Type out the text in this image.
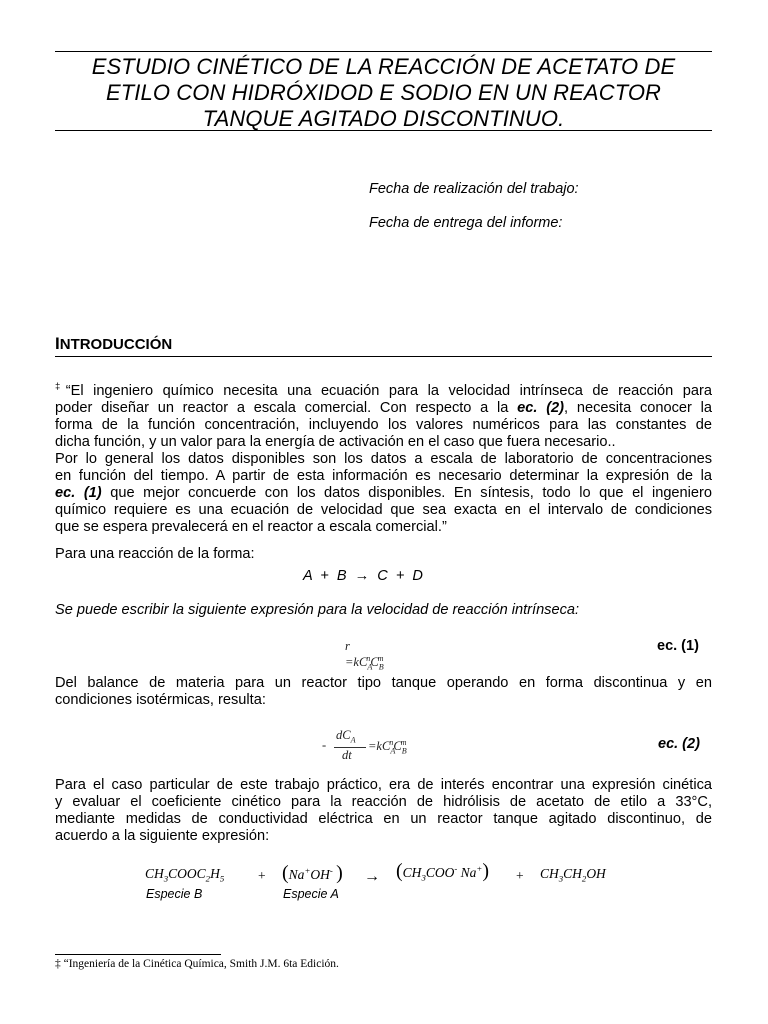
ESTUDIO CINÉTICO DE LA REACCIÓN DE ACETATO DE
ETILO CON HIDRÓXIDOD E SODIO EN UN REACTOR
TANQUE AGITADO DISCONTINUO.
Fecha de realización del trabajo:
Fecha de entrega del informe:
INTRODUCCIÓN
‡“El ingeniero químico necesita una ecuación para la velocidad intrínseca de reacción para
poder diseñar un reactor a escala comercial. Con respecto a la ec. (2), necesita conocer la
forma de la función concentración, incluyendo los valores numéricos para las constantes de
dicha función, y un valor para la energía de activación en el caso que fuera necesario..
Por lo general los datos disponibles son los datos a escala de laboratorio de concentraciones
en función del tiempo. A partir de esta información es necesario determinar la expresión de la
ec. (1) que mejor concuerde con los datos disponibles. En síntesis, todo lo que el ingeniero
químico requiere es una ecuación de velocidad que sea exacta en el intervalo de condiciones
que se espera prevalecerá en el reactor a escala comercial.”
Para una reacción de la forma:
A + B → C + D
Se puede escribir la siguiente expresión para la velocidad de reacción intrínseca:
$r =kC_A^nC_B^m$
ec. (1)
Del balance de materia para un reactor tipo tanque operando en forma discontinua y en
condiciones isotérmicas, resulta:
-
$dC_A$
dt
$=kC_A^nC_B^m$	ec. (2)
Para el caso particular de este trabajo práctico, era de interés encontrar una expresión cinética
y evaluar el coeficiente cinético para la reacción de hidrólisis de acetato de etilo a 33°C,
mediante medidas de conductividad eléctrica en un reactor tanque agitado discontinuo, de
acuerdo a la siguiente expresión:
$CH_3COOC_2H_5$	+ (Na+OH- ) → ($CH_3COO^-$ $Na^+) + CH_3CH_2OH$
Especie B	Especie A
‡ “Ingeniería de la Cinética Química, Smith J.M. 6ta Edición.
